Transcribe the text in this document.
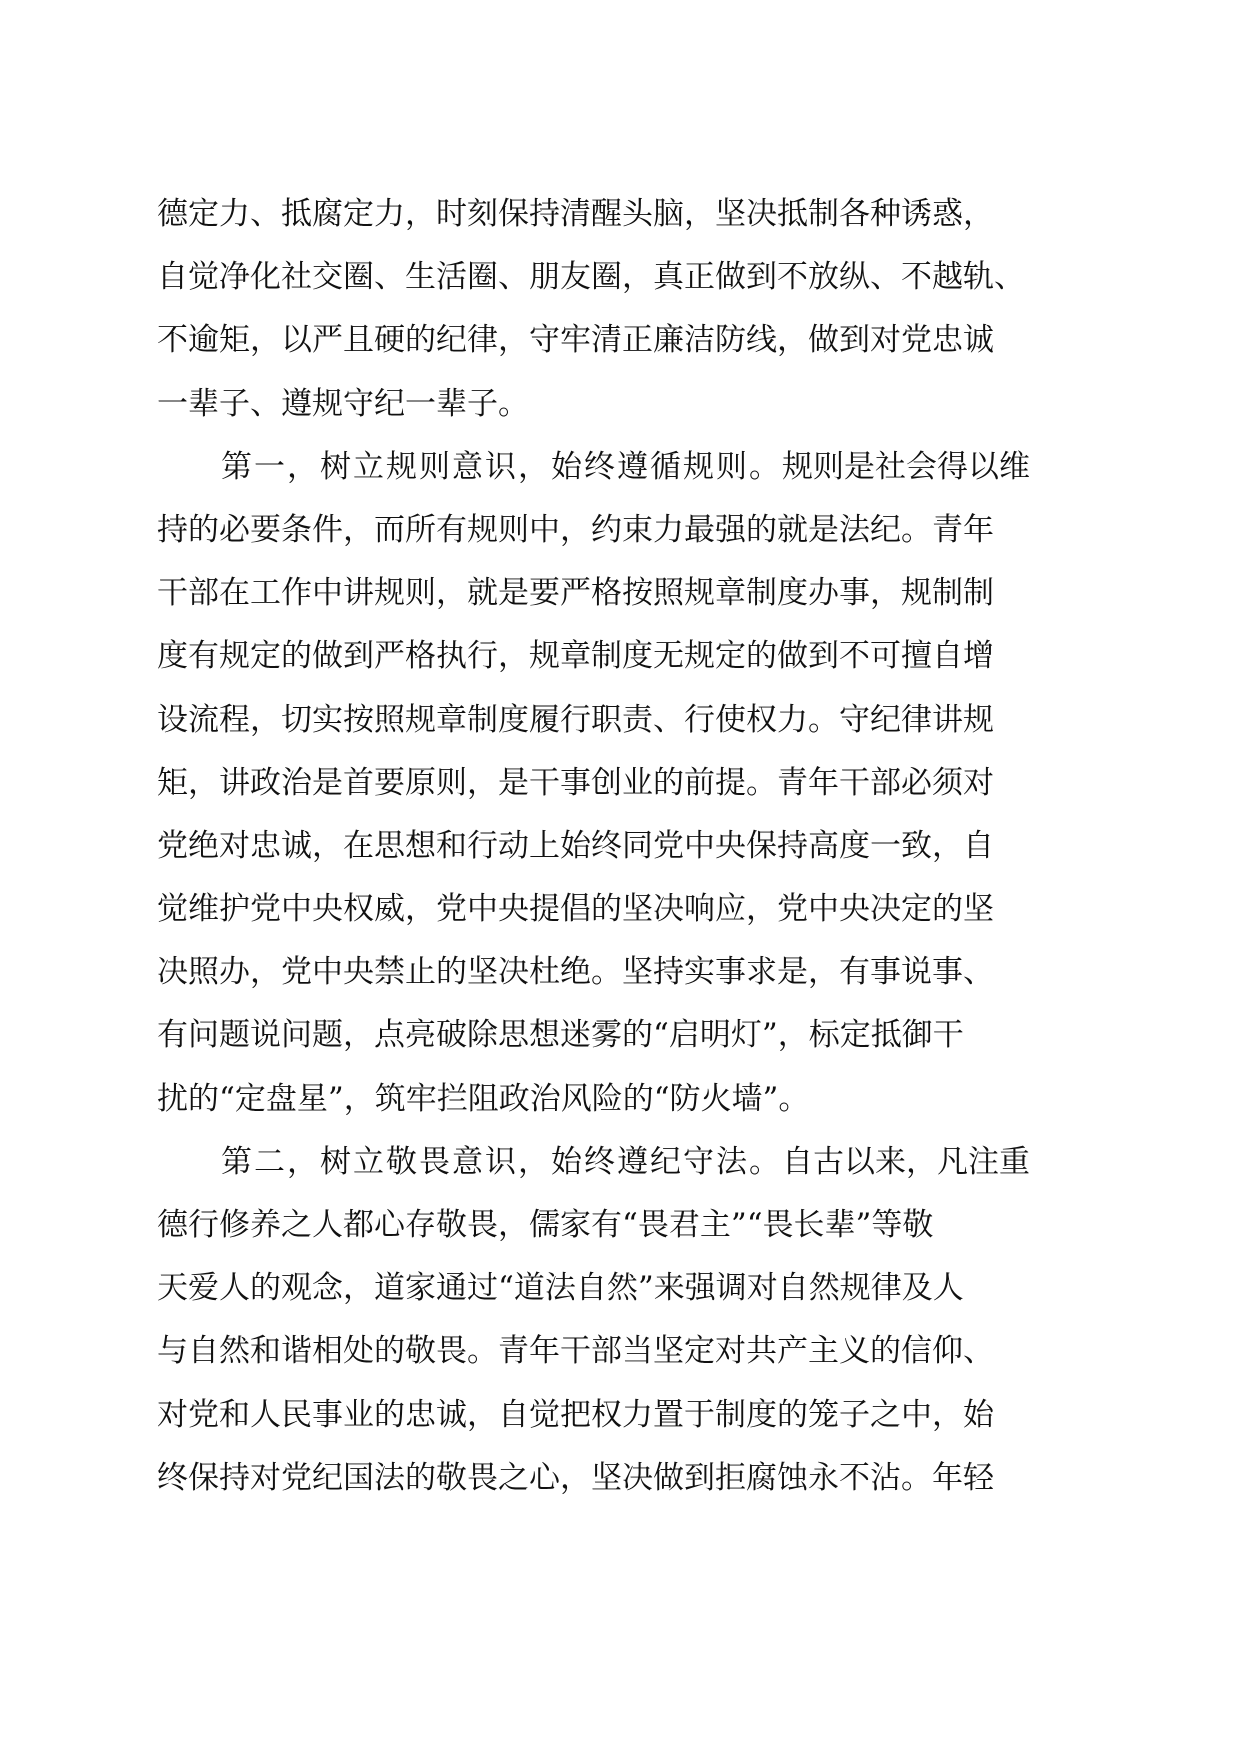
德定力、抵腐定力，时刻保持清醒头脑，坚决抵制各种诱惑，
自觉净化社交圈、生活圈、朋友圈，真正做到不放纵、不越轨、
不逾矩，以严且硬的纪律，守牢清正廉洁防线，做到对党忠诚
一辈子、遵规守纪一辈子。
第一，树立规则意识，始终遵循规则。规则是社会得以维
持的必要条件，而所有规则中，约束力最强的就是法纪。青年
干部在工作中讲规则，就是要严格按照规章制度办事，规制制
度有规定的做到严格执行，规章制度无规定的做到不可擅自增
设流程，切实按照规章制度履行职责、行使权力。守纪律讲规
矩，讲政治是首要原则，是干事创业的前提。青年干部必须对
党绝对忠诚，在思想和行动上始终同党中央保持高度一致，自
觉维护党中央权威，党中央提倡的坚决响应，党中央决定的坚
决照办，党中央禁止的坚决杜绝。坚持实事求是，有事说事、
有问题说问题，点亮破除思想迷雾的“启明灯”，标定抵御干
扰的“定盘星”，筑牢拦阻政治风险的“防火墙”。
第二，树立敬畏意识，始终遵纪守法。自古以来，凡注重
德行修养之人都心存敬畏，儒家有“畏君主”“畏长辈”等敬
天爱人的观念，道家通过“道法自然”来强调对自然规律及人
与自然和谐相处的敬畏。青年干部当坚定对共产主义的信仰、
对党和人民事业的忠诚，自觉把权力置于制度的笼子之中，始
终保持对党纪国法的敬畏之心，坚决做到拒腐蚀永不沾。年轻
